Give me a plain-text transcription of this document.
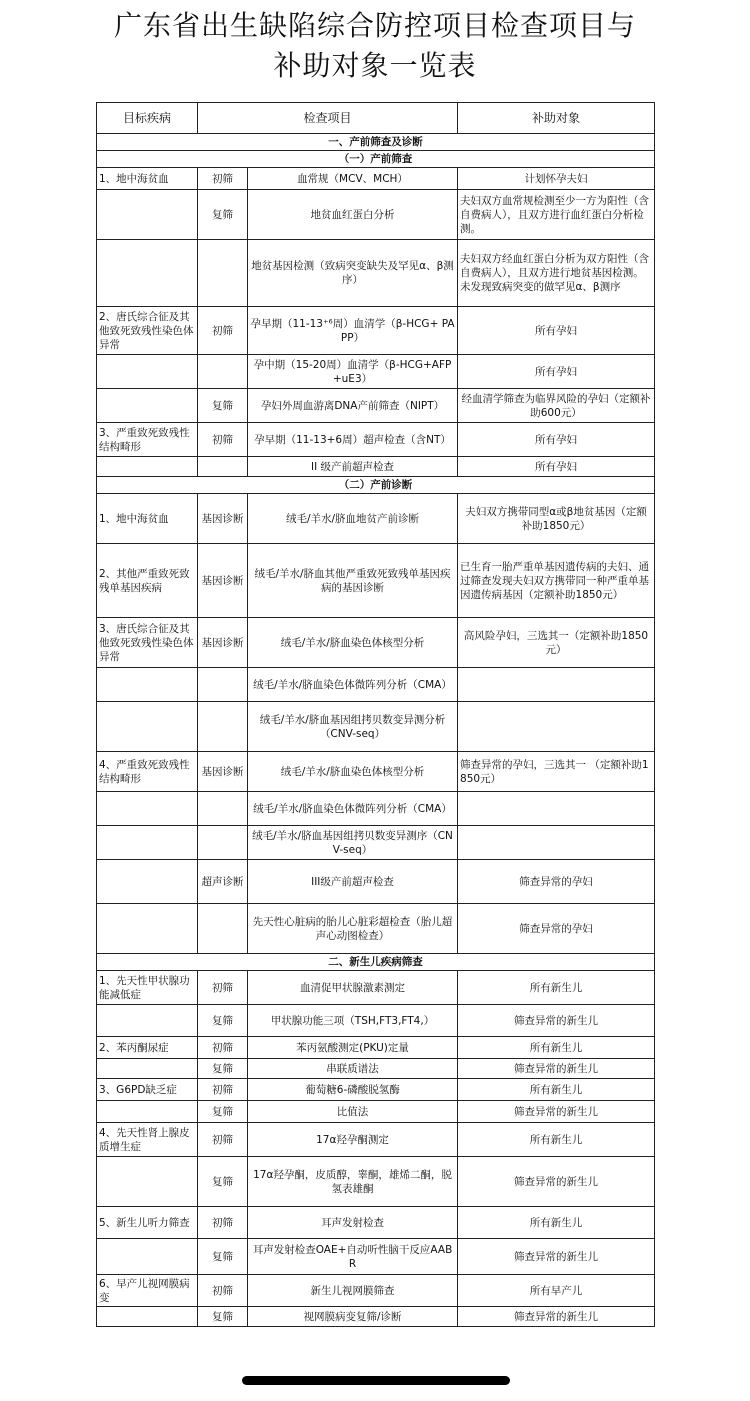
广东省出生缺陷综合防控项目检查项目与
补助对象一览表
目标疾病	检查项目		补助对象
一、产前筛查及诊断			
（一）产前筛查			
1、地中海贫血	初筛	血常规（MCV、MCH）	计划怀孕夫妇
	复筛	地贫血红蛋白分析	夫妇双方血常规检测至少一方为阳性（含自费病人），且双方进行血红蛋白分析检测。
		地贫基因检测（致病突变缺失及罕见α、β测序）	夫妇双方经血红蛋白分析为双方阳性（含自费病人），且双方进行地贫基因检测。未发现致病突变的做罕见α、β测序
2、唐氏综合征及其他致死致残性染色体异常	初筛	孕早期（11-13⁺⁶周）血清学（β-HCG+ PAPP）	所有孕妇
		孕中期（15-20周）血清学（β-HCG+AFP+uE3）	所有孕妇
	复筛	孕妇外周血游离DNA产前筛查（NIPT）	经血清学筛查为临界风险的孕妇（定额补助600元）
3、严重致死致残性结构畸形	初筛	孕早期（11-13+6周）超声检查（含NT）	所有孕妇
		II 级产前超声检查	所有孕妇
（二）产前诊断			
1、地中海贫血	基因诊断	绒毛/羊水/脐血地贫产前诊断	夫妇双方携带同型α或β地贫基因（定额补助1850元）
2、其他严重致死致残单基因疾病	基因诊断	绒毛/羊水/脐血其他严重致死致残单基因疾病的基因诊断	已生育一胎严重单基因遗传病的夫妇、通过筛查发现夫妇双方携带同一种严重单基因遗传病基因（定额补助1850元）
3、唐氏综合征及其他致死致残性染色体异常	基因诊断	绒毛/羊水/脐血染色体核型分析	高风险孕妇，三选其一（定额补助1850元）
		绒毛/羊水/脐血染色体微阵列分析（CMA）	
		绒毛/羊水/脐血基因组拷贝数变异测分析 （CNV-seq）	
4、严重致死致残性结构畸形	基因诊断	绒毛/羊水/脐血染色体核型分析	筛查异常的孕妇，三选其一 （定额补助1850元）
		绒毛/羊水/脐血染色体微阵列分析（CMA）	
		绒毛/羊水/脐血基因组拷贝数变异测序（CNV-seq）	
	超声诊断	III级产前超声检查	筛查异常的孕妇
		先天性心脏病的胎儿心脏彩超检查（胎儿超声心动图检查）	筛查异常的孕妇
二、新生儿疾病筛查			
1、先天性甲状腺功能减低症	初筛	血清促甲状腺激素测定	所有新生儿
	复筛	甲状腺功能三项（TSH,FT3,FT4,）	筛查异常的新生儿
2、苯丙酮尿症	初筛	苯丙氨酸测定(PKU)定量	所有新生儿
	复筛	串联质谱法	筛查异常的新生儿
3、G6PD缺乏症	初筛	葡萄糖6-磷酸脱氢酶	所有新生儿
	复筛	比值法	筛查异常的新生儿
4、先天性肾上腺皮质增生症	初筛	17α羟孕酮测定	所有新生儿
	复筛	17α羟孕酮，皮质醇，睾酮，雄烯二酮，脱氢表雄酮	筛查异常的新生儿
5、新生儿听力筛查	初筛	耳声发射检查	所有新生儿
	复筛	耳声发射检查OAE+自动听性脑干反应AABR	筛查异常的新生儿
6、早产儿视网膜病变	初筛	新生儿视网膜筛查	所有早产儿
	复筛	视网膜病变复筛/诊断	筛查异常的新生儿
